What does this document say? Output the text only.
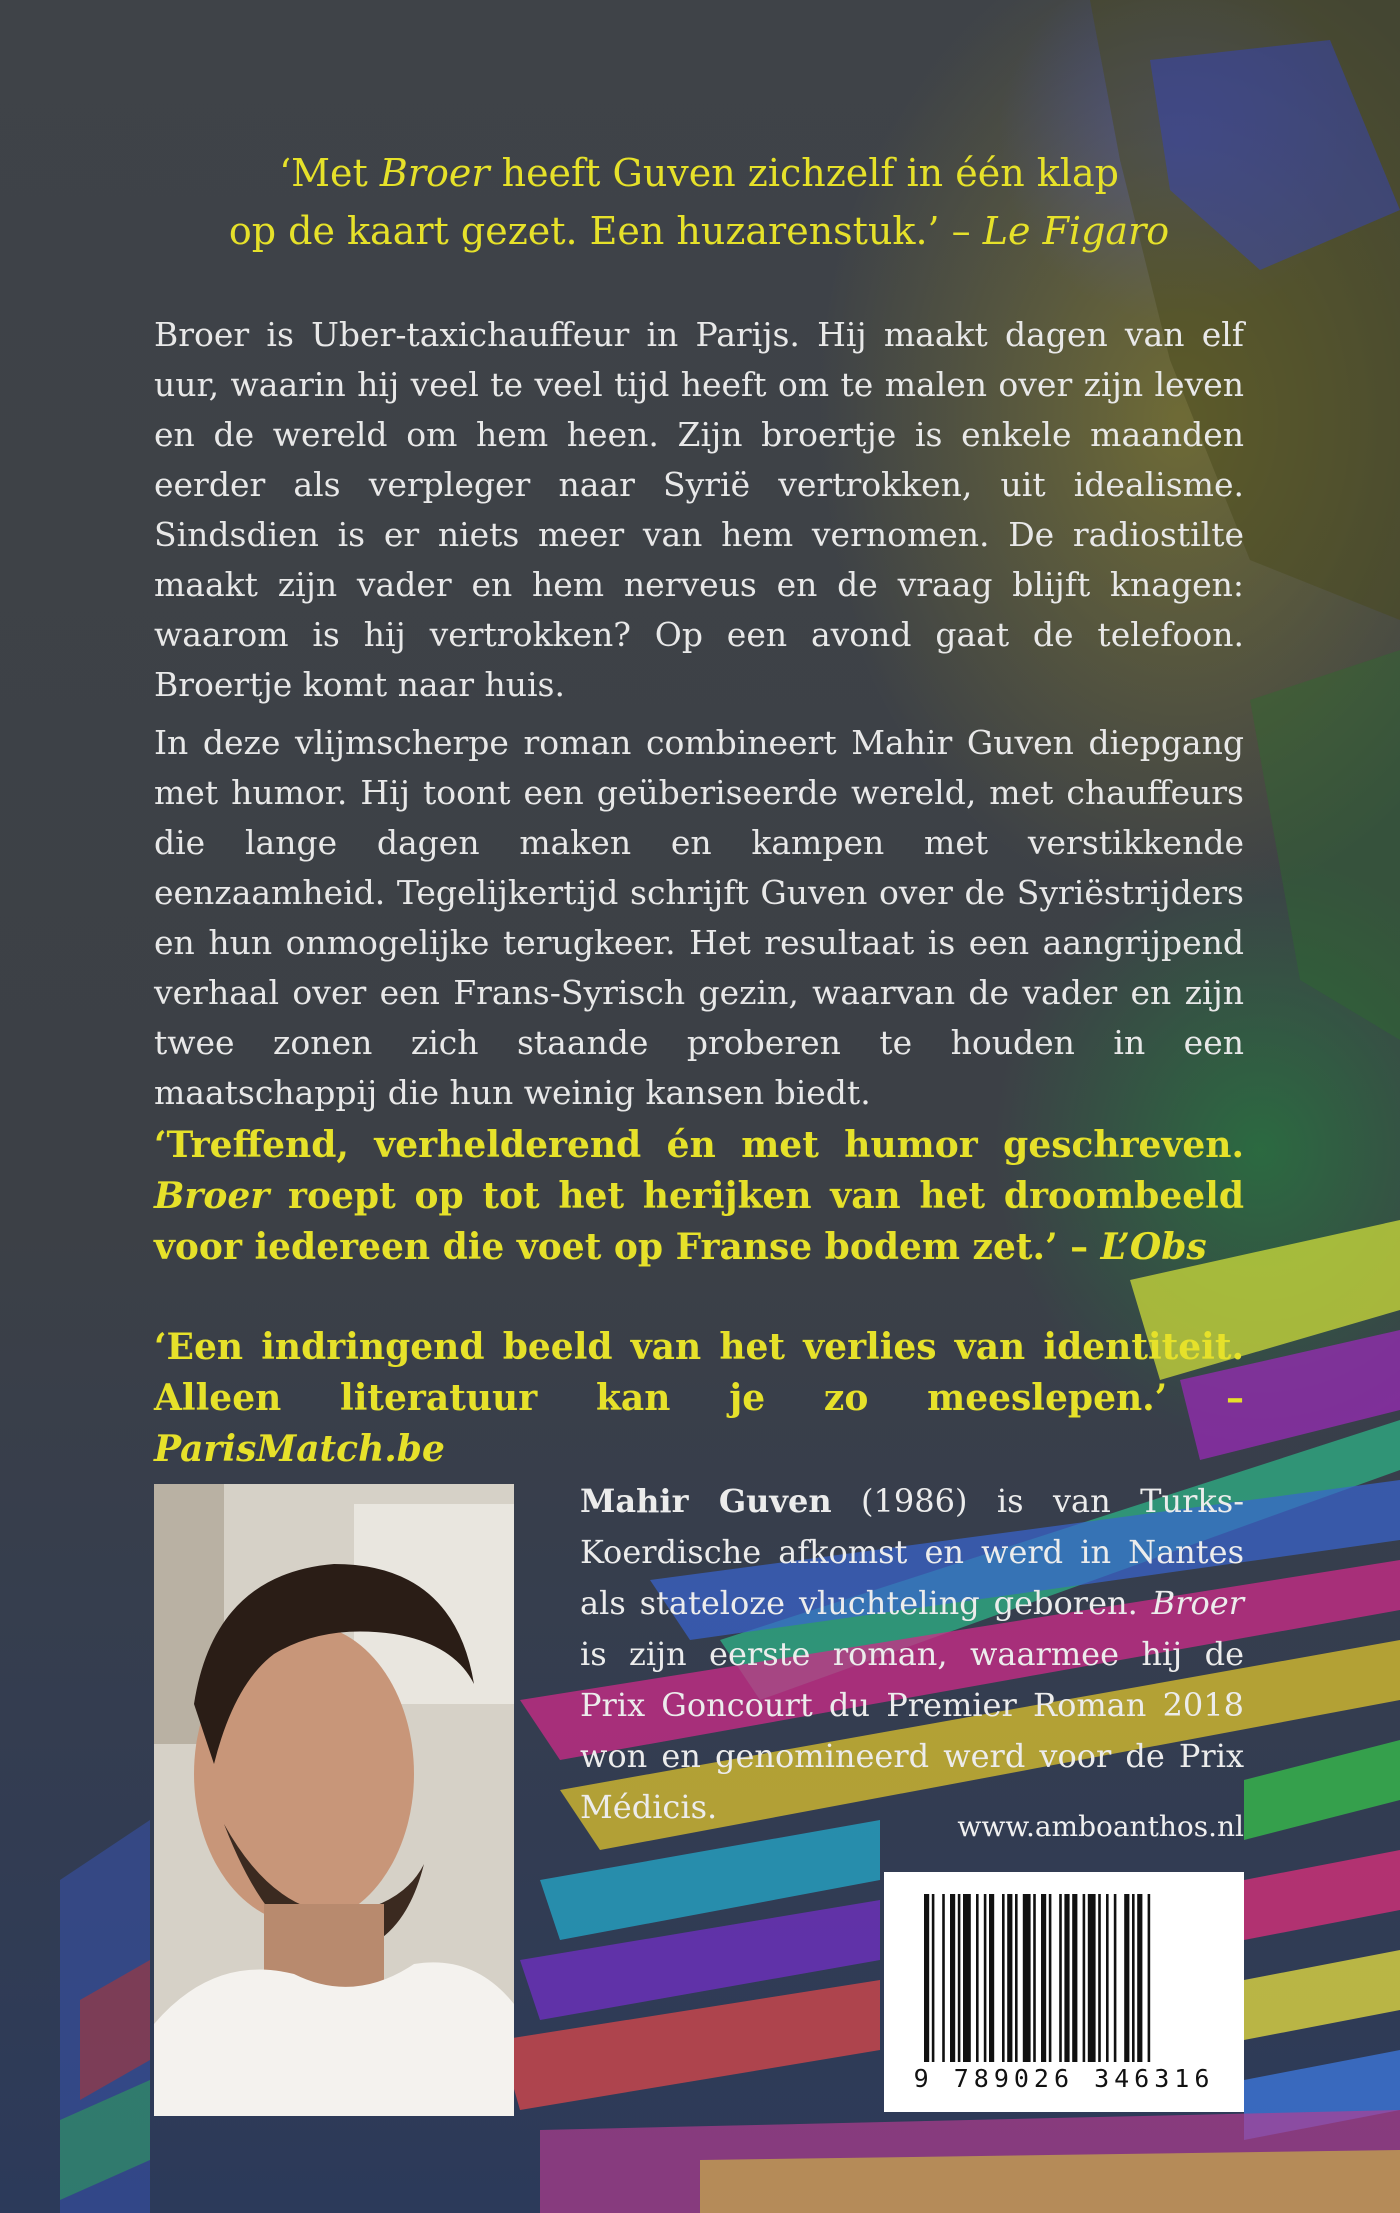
‘Met Broer heeft Guven zichzelf in één klap
op de kaart gezet. Een huzarenstuk.’ – Le Figaro

Broer is Uber-taxichauffeur in Parijs. Hij maakt dagen van elf uur, waarin hij veel te veel tijd heeft om te malen over zijn leven en de wereld om hem heen. Zijn broertje is enkele maanden eerder als verpleger naar Syrië vertrokken, uit idealisme. Sindsdien is er niets meer van hem vernomen. De radiostilte maakt zijn vader en hem nerveus en de vraag blijft knagen: waarom is hij vertrokken? Op een avond gaat de telefoon. Broertje komt naar huis.

In deze vlijmscherpe roman combineert Mahir Guven diepgang met humor. Hij toont een geüberiseerde wereld, met chauffeurs die lange dagen maken en kampen met verstikkende eenzaamheid. Tegelijkertijd schrijft Guven over de Syriëstrijders en hun onmogelijke terugkeer. Het resultaat is een aangrijpend verhaal over een Frans-Syrisch gezin, waarvan de vader en zijn twee zonen zich staande proberen te houden in een maatschappij die hun weinig kansen biedt.

‘Treffend, verhelderend én met humor geschreven. Broer roept op tot het herijken van het droombeeld voor iedereen die voet op Franse bodem zet.’ – L’Obs
‘Een indringend beeld van het verlies van identiteit. Alleen literatuur kan je zo meeslepen.’ – ParisMatch.be
Mahir Guven (1986) is van Turks-Koerdische afkomst en werd in Nantes als stateloze vluchteling geboren. Broer is zijn eerste roman, waarmee hij de Prix Goncourt du Premier Roman 2018 won en genomineerd werd voor de Prix Médicis.
www.amboanthos.nl
9 789026 346316
